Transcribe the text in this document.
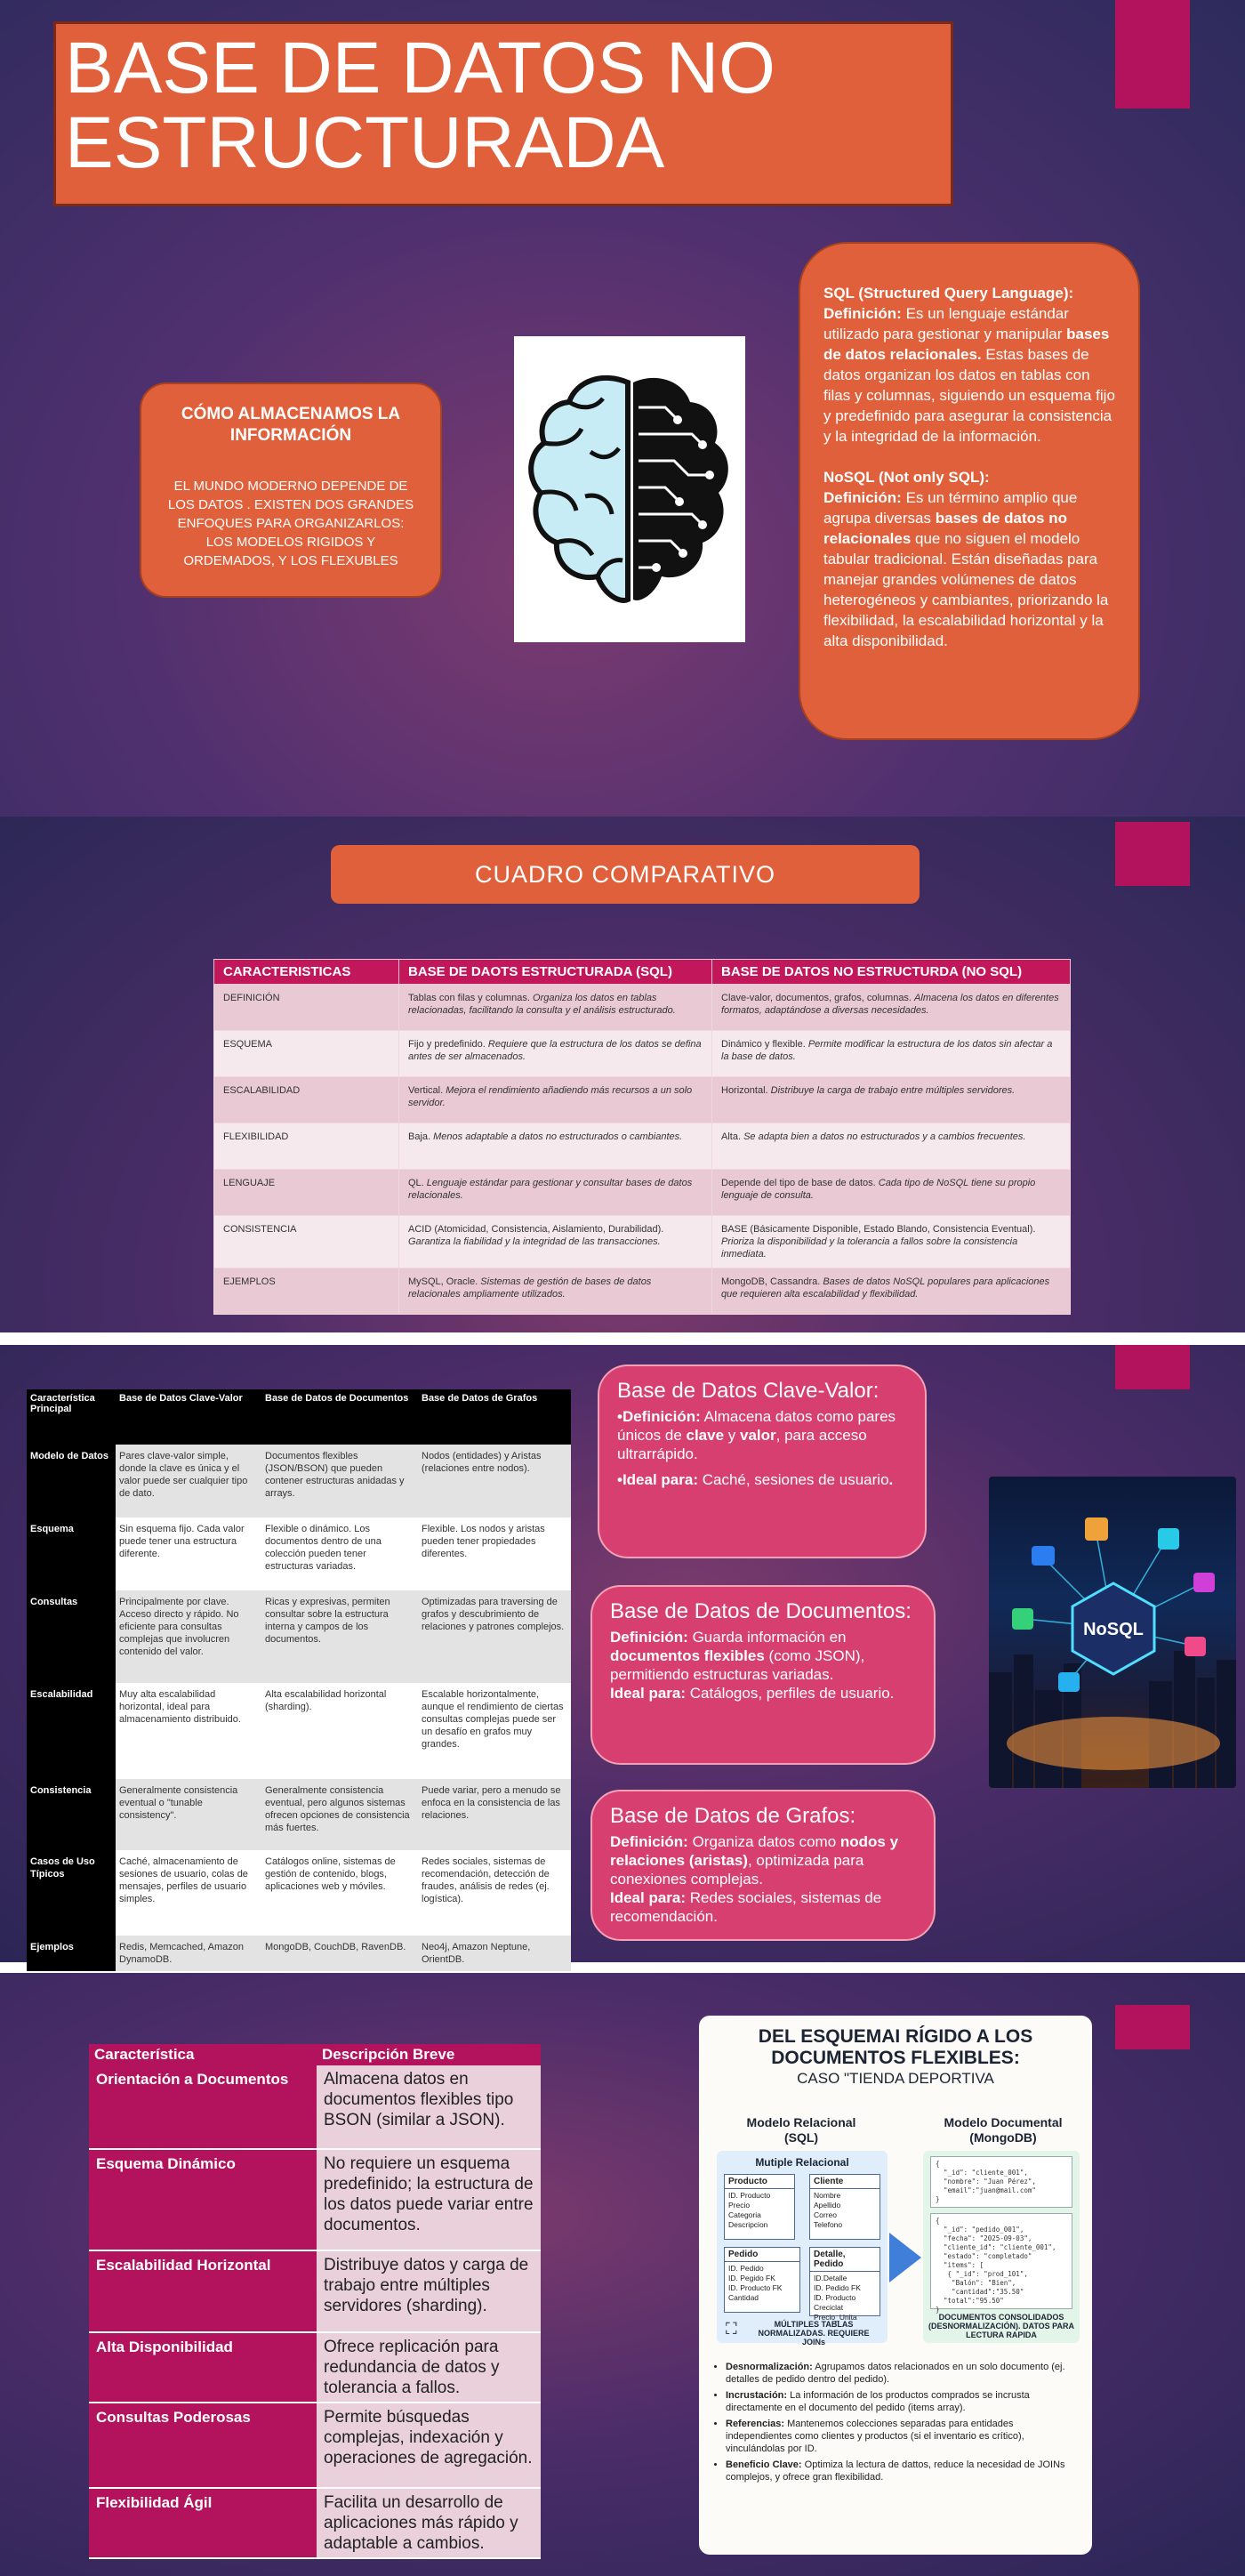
BASE DE DATOS NO ESTRUCTURADA
CÓMO ALMACENAMOS LA INFORMACIÓN

EL MUNDO MODERNO DEPENDE DE LOS DATOS . EXISTEN DOS GRANDES ENFOQUES PARA ORGANIZARLOS: LOS MODELOS RIGIDOS Y ORDEMADOS, Y LOS FLEXUBLES

SQL (Structured Query Language):
Definición: Es un lenguaje estándar utilizado para gestionar y manipular bases de datos relacionales. Estas bases de datos organizan los datos en tablas con filas y columnas, siguiendo un esquema fijo y predefinido para asegurar la consistencia y la integridad de la información.
NoSQL (Not only SQL):
Definición: Es un término amplio que agrupa diversas bases de datos no relacionales que no siguen el modelo tabular tradicional. Están diseñadas para manejar grandes volúmenes de datos heterogéneos y cambiantes, priorizando la flexibilidad, la escalabilidad horizontal y la alta disponibilidad.
CUADRO COMPARATIVO
CARACTERISTICAS	BASE DE DAOTS ESTRUCTURADA (SQL)	BASE DE DATOS NO ESTRUCTURDA (NO SQL)
DEFINICIÓN	Tablas con filas y columnas. Organiza los datos en tablas relacionadas, facilitando la consulta y el análisis estructurado.	Clave-valor, documentos, grafos, columnas. Almacena los datos en diferentes formatos, adaptándose a diversas necesidades.
ESQUEMA	Fijo y predefinido. Requiere que la estructura de los datos se defina antes de ser almacenados.	Dinámico y flexible. Permite modificar la estructura de los datos sin afectar a la base de datos.
ESCALABILIDAD	Vertical. Mejora el rendimiento añadiendo más recursos a un solo servidor.	Horizontal. Distribuye la carga de trabajo entre múltiples servidores.
FLEXIBILIDAD	Baja. Menos adaptable a datos no estructurados o cambiantes.	Alta. Se adapta bien a datos no estructurados y a cambios frecuentes.
LENGUAJE	QL. Lenguaje estándar para gestionar y consultar bases de datos relacionales.	Depende del tipo de base de datos. Cada tipo de NoSQL tiene su propio lenguaje de consulta.
CONSISTENCIA	ACID (Atomicidad, Consistencia, Aislamiento, Durabilidad). Garantiza la fiabilidad y la integridad de las transacciones.	BASE (Básicamente Disponible, Estado Blando, Consistencia Eventual). Prioriza la disponibilidad y la tolerancia a fallos sobre la consistencia inmediata.
EJEMPLOS	MySQL, Oracle. Sistemas de gestión de bases de datos relacionales ampliamente utilizados.	MongoDB, Cassandra. Bases de datos NoSQL populares para aplicaciones que requieren alta escalabilidad y flexibilidad.
Característica Principal	Base de Datos Clave-Valor	Base de Datos de Documentos	Base de Datos de Grafos
Modelo de Datos	Pares clave-valor simple, donde la clave es única y el valor puede ser cualquier tipo de dato.	Documentos flexibles (JSON/BSON) que pueden contener estructuras anidadas y arrays.	Nodos (entidades) y Aristas (relaciones entre nodos).
Esquema	Sin esquema fijo. Cada valor puede tener una estructura diferente.	Flexible o dinámico. Los documentos dentro de una colección pueden tener estructuras variadas.	Flexible. Los nodos y aristas pueden tener propiedades diferentes.
Consultas	Principalmente por clave. Acceso directo y rápido. No eficiente para consultas complejas que involucren contenido del valor.	Ricas y expresivas, permiten consultar sobre la estructura interna y campos de los documentos.	Optimizadas para traversing de grafos y descubrimiento de relaciones y patrones complejos.
Escalabilidad	Muy alta escalabilidad horizontal, ideal para almacenamiento distribuido.	Alta escalabilidad horizontal (sharding).	Escalable horizontalmente, aunque el rendimiento de ciertas consultas complejas puede ser un desafío en grafos muy grandes.
Consistencia	Generalmente consistencia eventual o "tunable consistency".	Generalmente consistencia eventual, pero algunos sistemas ofrecen opciones de consistencia más fuertes.	Puede variar, pero a menudo se enfoca en la consistencia de las relaciones.
Casos de Uso Típicos	Caché, almacenamiento de sesiones de usuario, colas de mensajes, perfiles de usuario simples.	Catálogos online, sistemas de gestión de contenido, blogs, aplicaciones web y móviles.	Redes sociales, sistemas de recomendación, detección de fraudes, análisis de redes (ej. logística).
Ejemplos	Redis, Memcached, Amazon DynamoDB.	MongoDB, CouchDB, RavenDB.	Neo4j, Amazon Neptune, OrientDB.
Base de Datos Clave-Valor:

•Definición: Almacena datos como pares únicos de clave y valor, para acceso ultrarrápido.

•Ideal para: Caché, sesiones de usuario.

Base de Datos de Documentos:

Definición: Guarda información en documentos flexibles (como JSON), permitiendo estructuras variadas.

Ideal para: Catálogos, perfiles de usuario.

Base de Datos de Grafos:

Definición: Organiza datos como nodos y relaciones (aristas), optimizada para conexiones complejas.

Ideal para: Redes sociales, sistemas de recomendación.

NoSQL
Característica	Descripción Breve
Orientación a Documentos	Almacena datos en documentos flexibles tipo BSON (similar a JSON).
Esquema Dinámico	No requiere un esquema predefinido; la estructura de los datos puede variar entre documentos.
Escalabilidad Horizontal	Distribuye datos y carga de trabajo entre múltiples servidores (sharding).
Alta Disponibilidad	Ofrece replicación para redundancia de datos y tolerancia a fallos.
Consultas Poderosas	Permite búsquedas complejas, indexación y operaciones de agregación.
Flexibilidad Ágil	Facilita un desarrollo de aplicaciones más rápido y adaptable a cambios.
DEL ESQUEMAI RÍGIDO A LOS DOCUMENTOS FLEXIBLES:
CASO "TIENDA DEPORTIVA
Modelo Relacional (SQL)
Modelo Documental (MongoDB)
Mutiple Relacional
Producto
ID. Producto
Precio
Categoria
Descripcion
Cliente
Nombre
Apellido
Correo
Telefono
Pedido
ID. Pedido
ID. Pegido FK
ID. Producto FK
Cantidad
Detalle, Pedido
ID.Detalle
ID. Pedido FK
ID. Producto
Creciclat
Precio_Unita
⛶	MÚLTIPLES TABLAS NORMALIZADAS. REQUIERE JOINs
{
"_id": "cliente_001",
"nombre": "Juan Pérez",
"email":"juan@mail.com"
}
{
"_id": "pedido_001",
"fecha": "2025-09-03",
"cliente_id": "cliente_001",
"estado": "completado"
"items": [
{ "_id": "prod_101",
"Balón": "Bien",
"cantidad":"35.50"
"total":"95.50"
}
DOCUMENTOS CONSOLIDADOS (DESNORMALIZACIÓN). DATOS PARA LECTURA RAPIDA
• Desnormalización: Agrupamos datos relacionados en un solo documento (ej. detalles de pedido dentro del pedido).
• Incrustación: La información de los productos comprados se incrusta directamente en el documento del pedido (items array).
• Referencias: Mantenemos colecciones separadas para entidades independientes como clientes y productos (si el inventario es crítico), vinculándolas por ID.
• Beneficio Clave: Optimiza la lectura de dattos, reduce la necesidad de JOINs complejos, y ofrece gran flexibilidad.
